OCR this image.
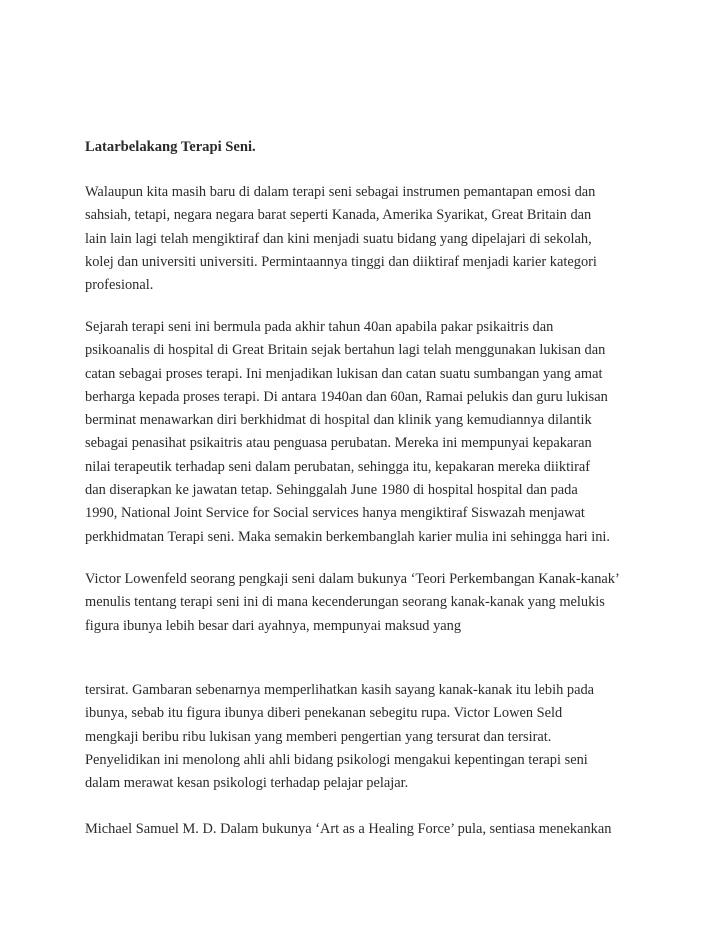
Latarbelakang Terapi Seni.
Walaupun kita masih baru di dalam terapi seni sebagai instrumen pemantapan emosi dan
sahsiah, tetapi, negara negara barat seperti Kanada, Amerika Syarikat, Great Britain dan
lain lain lagi telah mengiktiraf dan kini menjadi suatu bidang yang dipelajari di sekolah,
kolej dan universiti universiti. Permintaannya tinggi dan diiktiraf menjadi karier kategori
profesional.
Sejarah terapi seni ini bermula pada akhir tahun 40an apabila pakar psikaitris dan
psikoanalis di hospital di Great Britain sejak bertahun lagi telah menggunakan lukisan dan
catan sebagai proses terapi. Ini menjadikan lukisan dan catan suatu sumbangan yang amat
berharga kepada proses terapi. Di antara 1940an dan 60an, Ramai pelukis dan guru lukisan
berminat menawarkan diri berkhidmat di hospital dan klinik yang kemudiannya dilantik
sebagai penasihat psikaitris atau penguasa perubatan. Mereka ini mempunyai kepakaran
nilai terapeutik terhadap seni dalam perubatan, sehingga itu, kepakaran mereka diiktiraf
dan diserapkan ke jawatan tetap. Sehinggalah June 1980 di hospital hospital dan pada
1990, National Joint Service for Social services hanya mengiktiraf Siswazah menjawat
perkhidmatan Terapi seni. Maka semakin berkembanglah karier mulia ini sehingga hari ini.
Victor Lowenfeld seorang pengkaji seni dalam bukunya ‘Teori Perkembangan Kanak-kanak’
menulis tentang terapi seni ini di mana kecenderungan seorang kanak-kanak yang melukis
figura ibunya lebih besar dari ayahnya, mempunyai maksud yang
tersirat. Gambaran sebenarnya memperlihatkan kasih sayang kanak-kanak itu lebih pada
ibunya, sebab itu figura ibunya diberi penekanan sebegitu rupa. Victor Lowen Seld
mengkaji beribu ribu lukisan yang memberi pengertian yang tersurat dan tersirat.
Penyelidikan ini menolong ahli ahli bidang psikologi mengakui kepentingan terapi seni
dalam merawat kesan psikologi terhadap pelajar pelajar.
Michael Samuel M. D. Dalam bukunya ‘Art as a Healing Force’ pula, sentiasa menekankan
